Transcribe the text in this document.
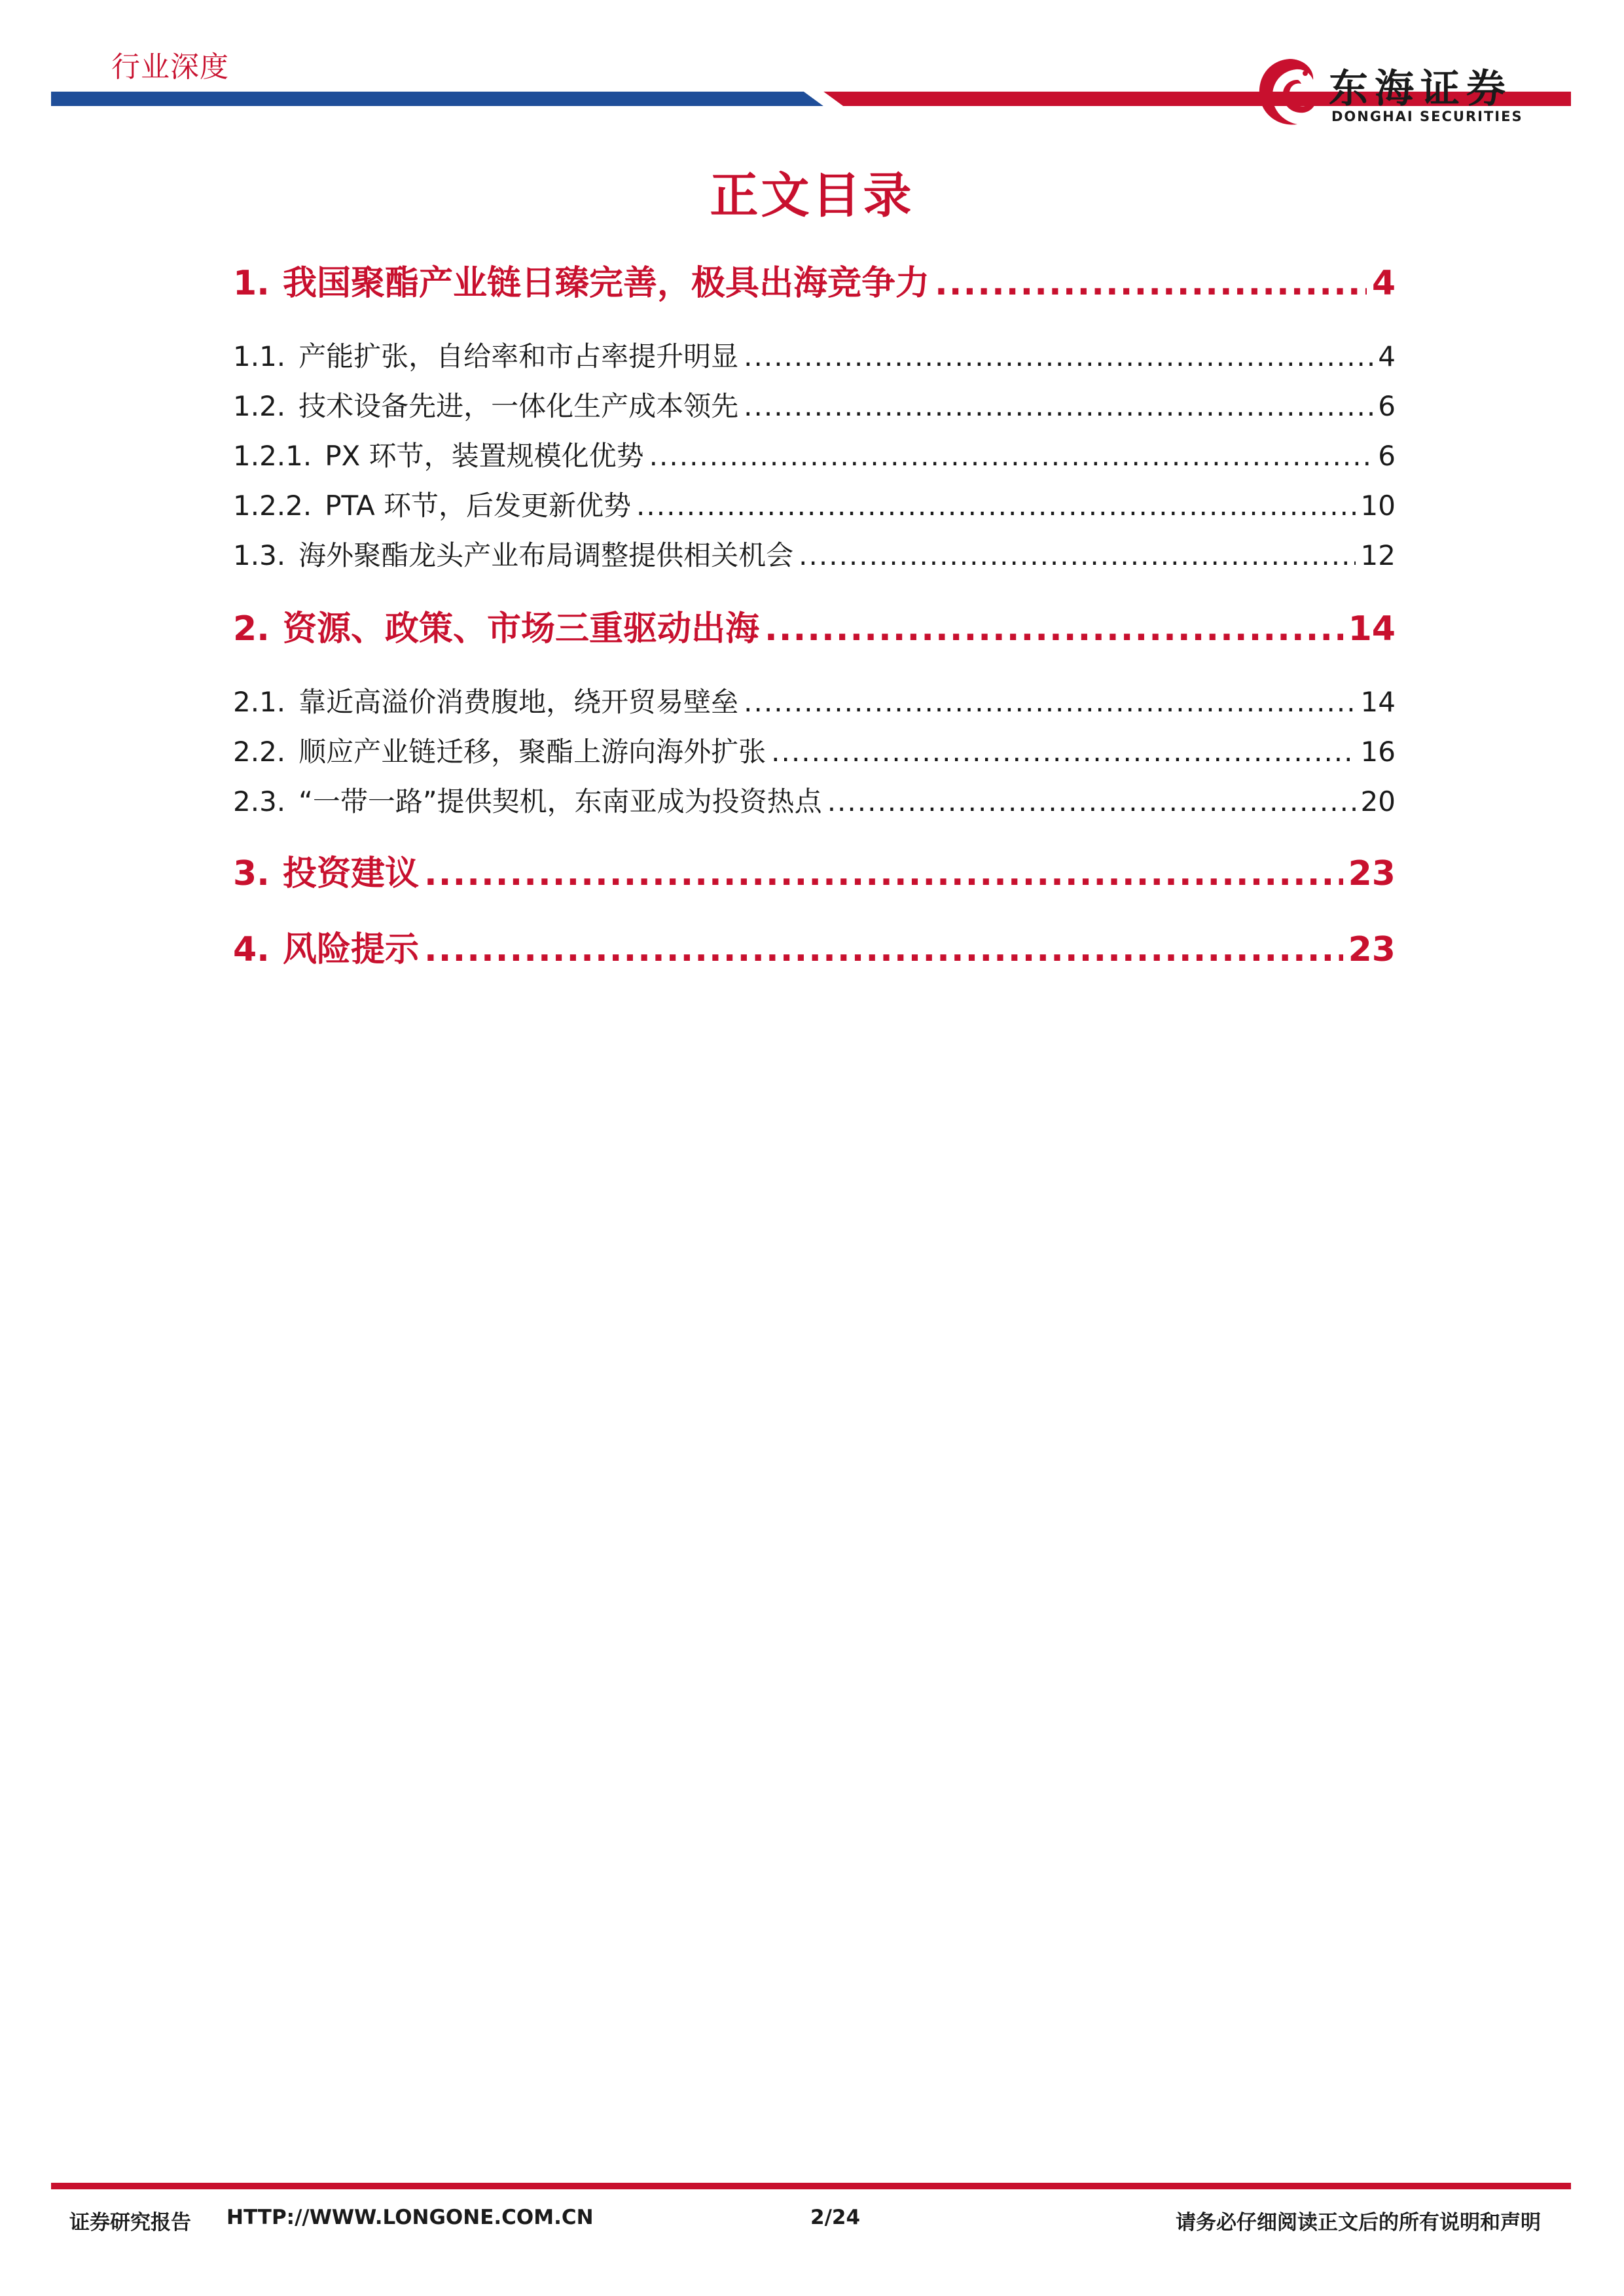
行业深度	东海证券
DONGHAI SECURITIES
正文目录
1. 我国聚酯产业链日臻完善，极具出海竞争力 .....	4
1.1. 产能扩张，自给率和市占率提升明显 .....	4
1.2. 技术设备先进，一体化生产成本领先 .....	6
1.2.1. PX 环节，装置规模化优势 .....	6
1.2.2. PTA 环节，后发更新优势 .....	10
1.3. 海外聚酯龙头产业布局调整提供相关机会 .....	12
2. 资源、政策、市场三重驱动出海 .....	14
2.1. 靠近高溢价消费腹地，绕开贸易壁垒 .....	14
2.2. 顺应产业链迁移，聚酯上游向海外扩张 .....	16
2.3. “一带一路”提供契机，东南亚成为投资热点 .....	20
3. 投资建议 .....	23
4. 风险提示 .....	23
证券研究报告 HTTP://WWW.LONGONE.COM.CN	2/24	请务必仔细阅读正文后的所有说明和声明
